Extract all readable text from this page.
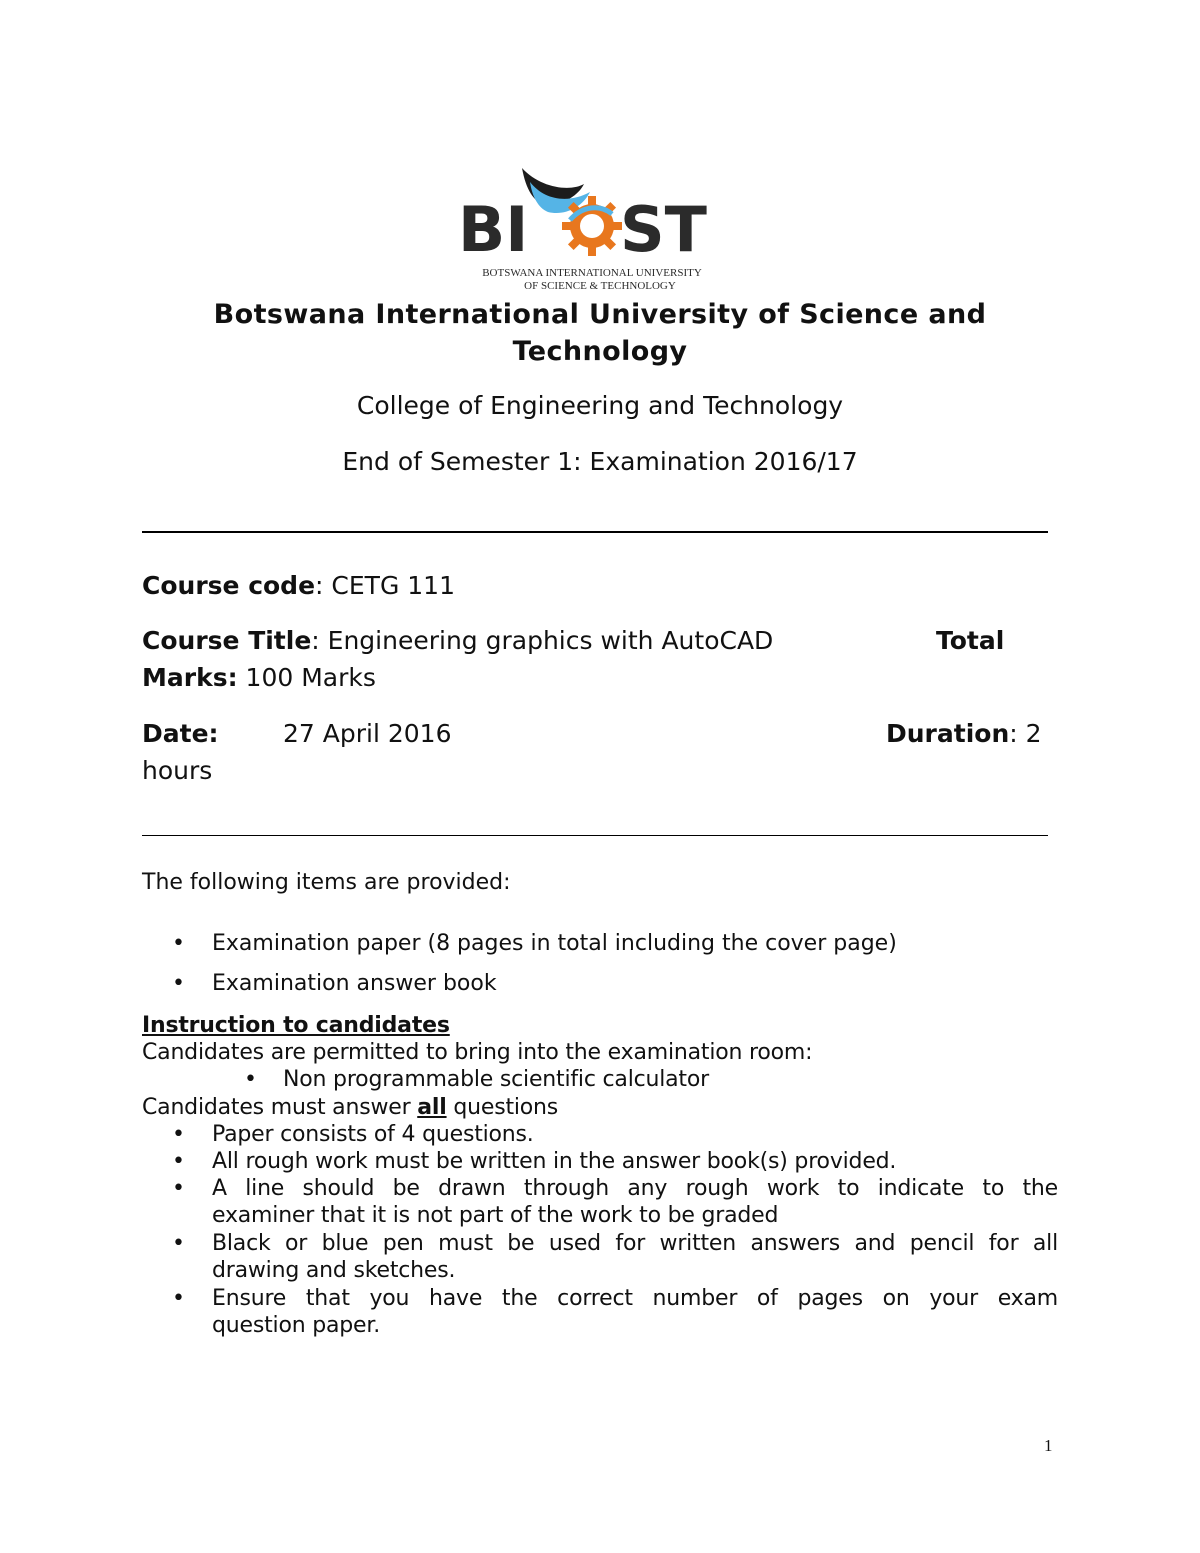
BI ST
BOTSWANA INTERNATIONAL UNIVERSITY
OF SCIENCE & TECHNOLOGY
Botswana International University of Science and
Technology
College of Engineering and Technology
End of Semester 1: Examination 2016/17
Course code: CETG 111
Course Title: Engineering graphics with AutoCAD	Total
Marks: 100 Marks
Date:	27 April 2016	Duration: 2
hours
The following items are provided:
• Examination paper (8 pages in total including the cover page)
• Examination answer book
Instruction to candidates
Candidates are permitted to bring into the examination room:
• Non programmable scientific calculator
Candidates must answer all questions
• Paper consists of 4 questions.
• All rough work must be written in the answer book(s) provided.
• A line should be drawn through any rough work to indicate to the
examiner that it is not part of the work to be graded
• Black or blue pen must be used for written answers and pencil for all
drawing and sketches.
• Ensure that you have the correct number of pages on your exam
question paper.
1
